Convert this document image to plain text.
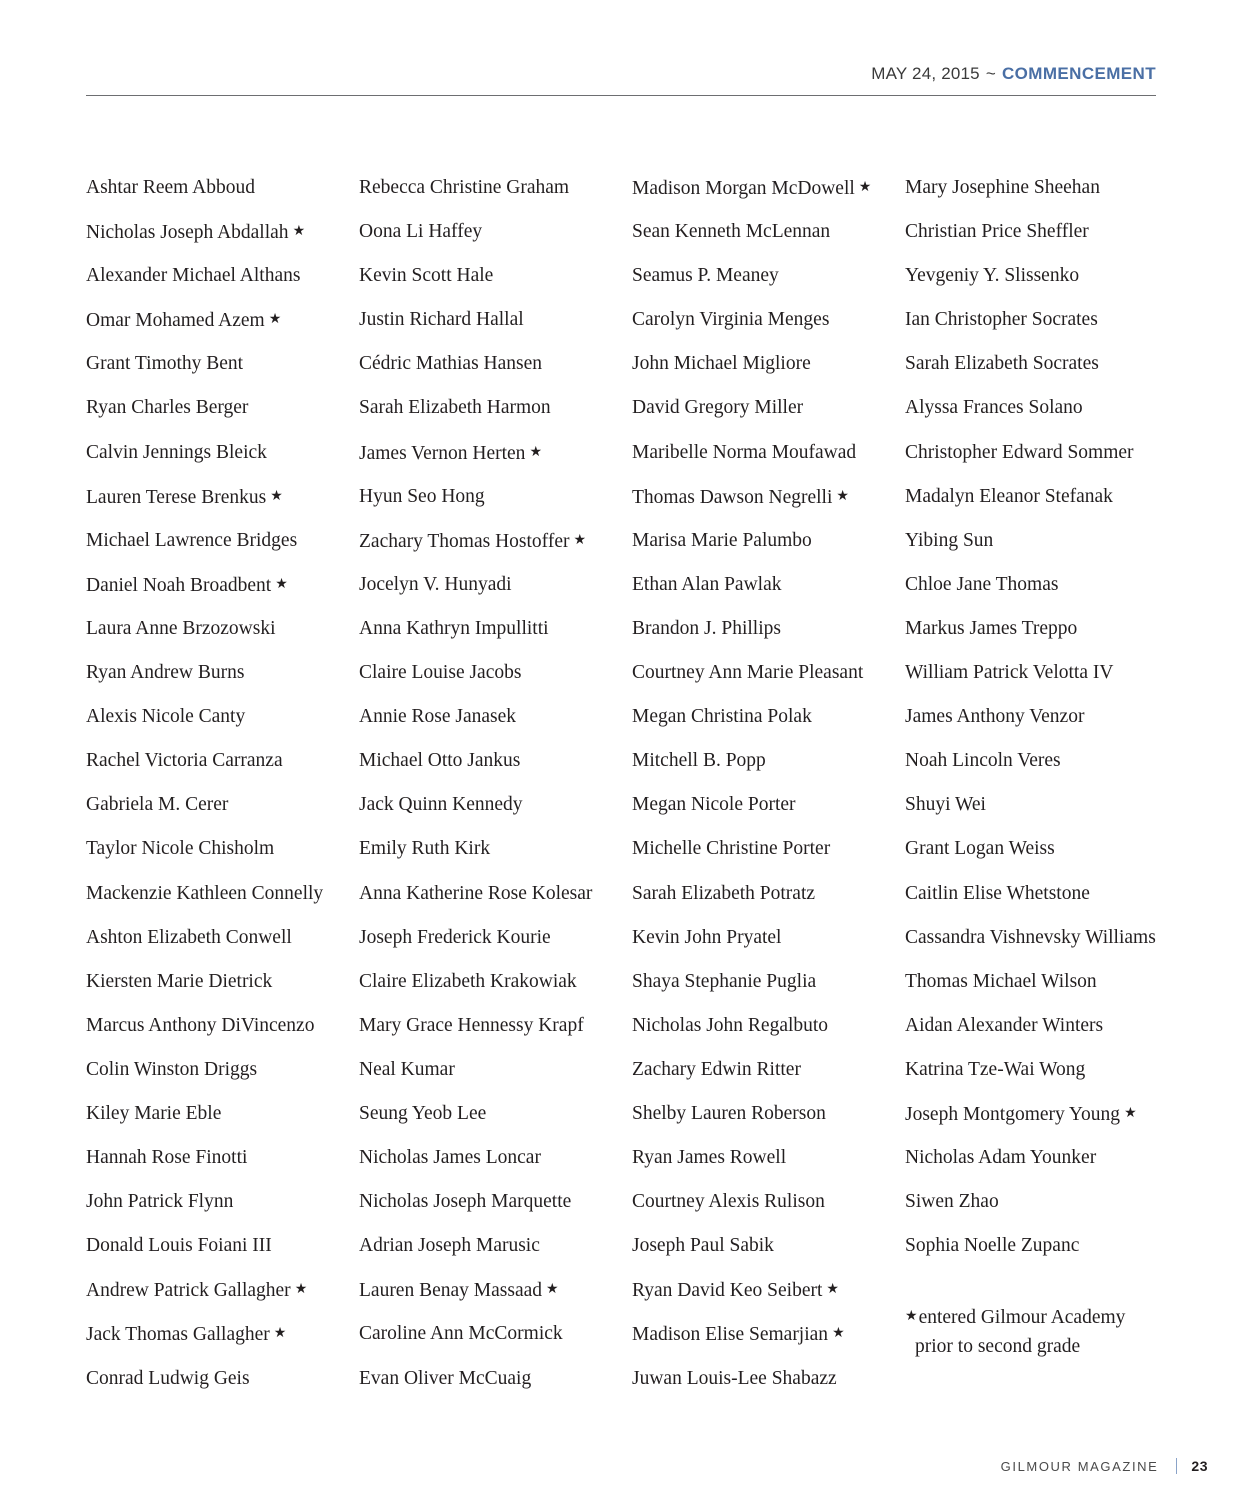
MAY 24, 2015 ~ COMMENCEMENT
Ashtar Reem Abboud
Nicholas Joseph Abdallah ★
Alexander Michael Althans
Omar Mohamed Azem ★
Grant Timothy Bent
Ryan Charles Berger
Calvin Jennings Bleick
Lauren Terese Brenkus ★
Michael Lawrence Bridges
Daniel Noah Broadbent ★
Laura Anne Brzozowski
Ryan Andrew Burns
Alexis Nicole Canty
Rachel Victoria Carranza
Gabriela M. Cerer
Taylor Nicole Chisholm
Mackenzie Kathleen Connelly
Ashton Elizabeth Conwell
Kiersten Marie Dietrick
Marcus Anthony DiVincenzo
Colin Winston Driggs
Kiley Marie Eble
Hannah Rose Finotti
John Patrick Flynn
Donald Louis Foiani III
Andrew Patrick Gallagher ★
Jack Thomas Gallagher ★
Conrad Ludwig Geis
Rebecca Christine Graham
Oona Li Haffey
Kevin Scott Hale
Justin Richard Hallal
Cédric Mathias Hansen
Sarah Elizabeth Harmon
James Vernon Herten ★
Hyun Seo Hong
Zachary Thomas Hostoffer ★
Jocelyn V. Hunyadi
Anna Kathryn Impullitti
Claire Louise Jacobs
Annie Rose Janasek
Michael Otto Jankus
Jack Quinn Kennedy
Emily Ruth Kirk
Anna Katherine Rose Kolesar
Joseph Frederick Kourie
Claire Elizabeth Krakowiak
Mary Grace Hennessy Krapf
Neal Kumar
Seung Yeob Lee
Nicholas James Loncar
Nicholas Joseph Marquette
Adrian Joseph Marusic
Lauren Benay Massaad ★
Caroline Ann McCormick
Evan Oliver McCuaig
Madison Morgan McDowell ★
Sean Kenneth McLennan
Seamus P. Meaney
Carolyn Virginia Menges
John Michael Migliore
David Gregory Miller
Maribelle Norma Moufawad
Thomas Dawson Negrelli ★
Marisa Marie Palumbo
Ethan Alan Pawlak
Brandon J. Phillips
Courtney Ann Marie Pleasant
Megan Christina Polak
Mitchell B. Popp
Megan Nicole Porter
Michelle Christine Porter
Sarah Elizabeth Potratz
Kevin John Pryatel
Shaya Stephanie Puglia
Nicholas John Regalbuto
Zachary Edwin Ritter
Shelby Lauren Roberson
Ryan James Rowell
Courtney Alexis Rulison
Joseph Paul Sabik
Ryan David Keo Seibert ★
Madison Elise Semarjian ★
Juwan Louis-Lee Shabazz
Mary Josephine Sheehan
Christian Price Sheffler
Yevgeniy Y. Slissenko
Ian Christopher Socrates
Sarah Elizabeth Socrates
Alyssa Frances Solano
Christopher Edward Sommer
Madalyn Eleanor Stefanak
Yibing Sun
Chloe Jane Thomas
Markus James Treppo
William Patrick Velotta IV
James Anthony Venzor
Noah Lincoln Veres
Shuyi Wei
Grant Logan Weiss
Caitlin Elise Whetstone
Cassandra Vishnevsky Williams
Thomas Michael Wilson
Aidan Alexander Winters
Katrina Tze-Wai Wong
Joseph Montgomery Young ★
Nicholas Adam Younker
Siwen Zhao
Sophia Noelle Zupanc
★entered Gilmour Academy
prior to second grade
GILMOUR MAGAZINE 23
